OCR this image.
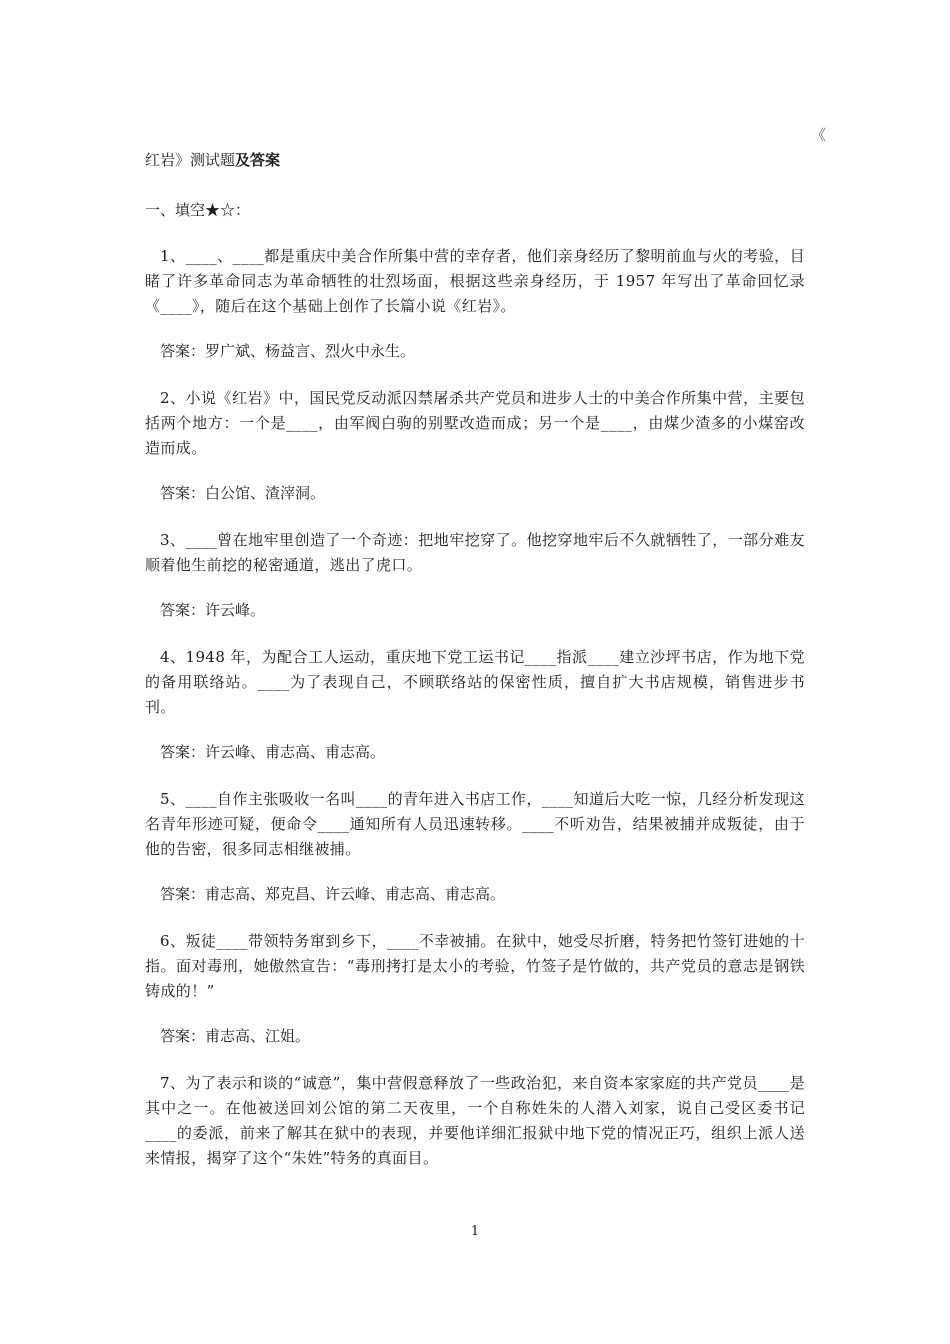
《
红岩》测试题及答案
一、填空★☆：
1、____、____都是重庆中美合作所集中营的幸存者，他们亲身经历了黎明前血与火的考验，目睹了许多革命同志为革命牺牲的壮烈场面，根据这些亲身经历，于 1957 年写出了革命回忆录《____》，随后在这个基础上创作了长篇小说《红岩》。
答案：罗广斌、杨益言、烈火中永生。
2、小说《红岩》中，国民党反动派囚禁屠杀共产党员和进步人士的中美合作所集中营，主要包括两个地方：一个是____，由军阀白驹的别墅改造而成；另一个是____，由煤少渣多的小煤窑改造而成。
答案：白公馆、渣滓洞。
3、____曾在地牢里创造了一个奇迹：把地牢挖穿了。他挖穿地牢后不久就牺牲了，一部分难友顺着他生前挖的秘密通道，逃出了虎口。
答案：许云峰。
4、1948 年，为配合工人运动，重庆地下党工运书记____指派____建立沙坪书店，作为地下党的备用联络站。____为了表现自己，不顾联络站的保密性质，擅自扩大书店规模，销售进步书刊。
答案：许云峰、甫志高、甫志高。
5、____自作主张吸收一名叫____的青年进入书店工作，____知道后大吃一惊，几经分析发现这名青年形迹可疑，便命令____通知所有人员迅速转移。____不听劝告，结果被捕并成叛徒，由于他的告密，很多同志相继被捕。
答案：甫志高、郑克昌、许云峰、甫志高、甫志高。
6、叛徒____带领特务窜到乡下，____不幸被捕。在狱中，她受尽折磨，特务把竹签钉进她的十指。面对毒刑，她傲然宣告：“毒刑拷打是太小的考验，竹签子是竹做的，共产党员的意志是钢铁铸成的！”
答案：甫志高、江姐。
7、为了表示和谈的“诚意”，集中营假意释放了一些政治犯，来自资本家家庭的共产党员____是其中之一。在他被送回刘公馆的第二天夜里，一个自称姓朱的人潜入刘家，说自己受区委书记____的委派，前来了解其在狱中的表现，并要他详细汇报狱中地下党的情况正巧，组织上派人送来情报，揭穿了这个“朱姓”特务的真面目。
1
